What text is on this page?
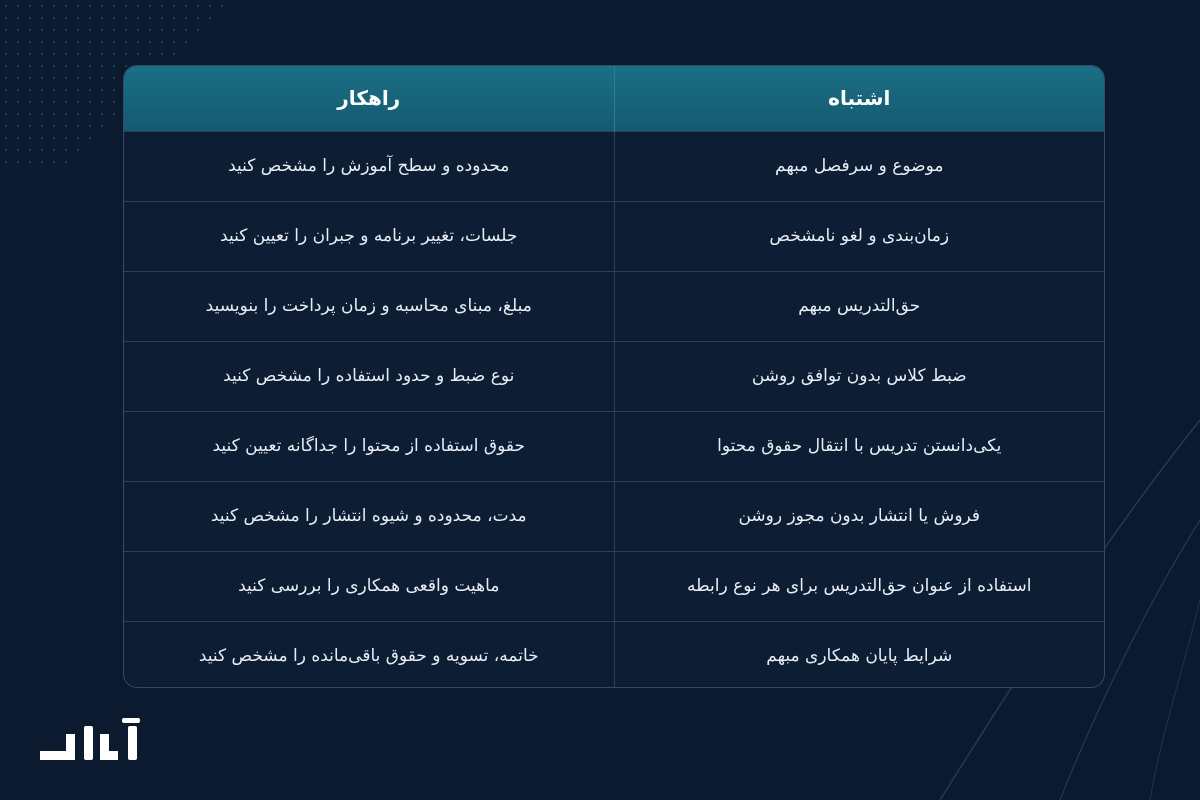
اشتباه	راهکار
موضوع و سرفصل مبهم	محدوده و سطح آموزش را مشخص کنید
زمان‌بندی و لغو نامشخص	جلسات، تغییر برنامه و جبران را تعیین کنید
حق‌التدریس مبهم	مبلغ، مبنای محاسبه و زمان پرداخت را بنویسید
ضبط کلاس بدون توافق روشن	نوع ضبط و حدود استفاده را مشخص کنید
یکی‌دانستن تدریس با انتقال حقوق محتوا	حقوق استفاده از محتوا را جداگانه تعیین کنید
فروش یا انتشار بدون مجوز روشن	مدت، محدوده و شیوه انتشار را مشخص کنید
استفاده از عنوان حق‌التدریس برای هر نوع رابطه	ماهیت واقعی همکاری را بررسی کنید
شرایط پایان همکاری مبهم	خاتمه، تسویه و حقوق باقی‌مانده را مشخص کنید
